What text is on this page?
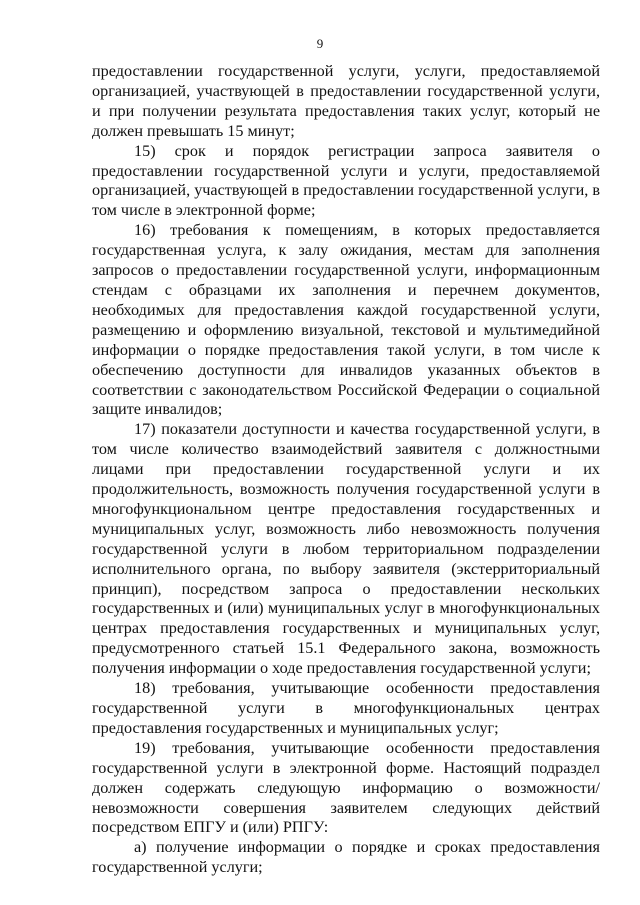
9

предоставлении государственной услуги, услуги, предоставляемой организацией, участвующей в предоставлении государственной услуги, и при получении результата предоставления таких услуг, который не должен превышать 15 минут;

15) срок и порядок регистрации запроса заявителя о предоставлении государственной услуги и услуги, предоставляемой организацией, участвующей в предоставлении государственной услуги, в том числе в электронной форме;

16) требования к помещениям, в которых предоставляется государственная услуга, к залу ожидания, местам для заполнения запросов о предоставлении государственной услуги, информационным стендам с образцами их заполнения и перечнем документов, необходимых для предоставления каждой государственной услуги, размещению и оформлению визуальной, текстовой и мультимедийной информации о порядке предоставления такой услуги, в том числе к обеспечению доступности для инвалидов указанных объектов в соответствии с законодательством Российской Федерации о социальной защите инвалидов;

17) показатели доступности и качества государственной услуги, в том числе количество взаимодействий заявителя с должностными лицами при предоставлении государственной услуги и их продолжительность, возможность получения государственной услуги в многофункциональном центре предоставления государственных и муниципальных услуг, возможность либо невозможность получения государственной услуги в любом территориальном подразделении исполнительного органа, по выбору заявителя (экстерриториальный принцип), посредством запроса о предоставлении нескольких государственных и (или) муниципальных услуг в многофункциональных центрах предоставления государственных и муниципальных услуг, предусмотренного статьей 15.1 Федерального закона, возможность получения информации о ходе предоставления государственной услуги;

18) требования, учитывающие особенности предоставления государственной услуги в многофункциональных центрах предоставления государственных и муниципальных услуг;

19) требования, учитывающие особенности предоставления государственной услуги в электронной форме. Настоящий подраздел должен содержать следующую информацию о возможности/невозможности совершения заявителем следующих действий посредством ЕПГУ и (или) РПГУ:

а) получение информации о порядке и сроках предоставления государственной услуги;
